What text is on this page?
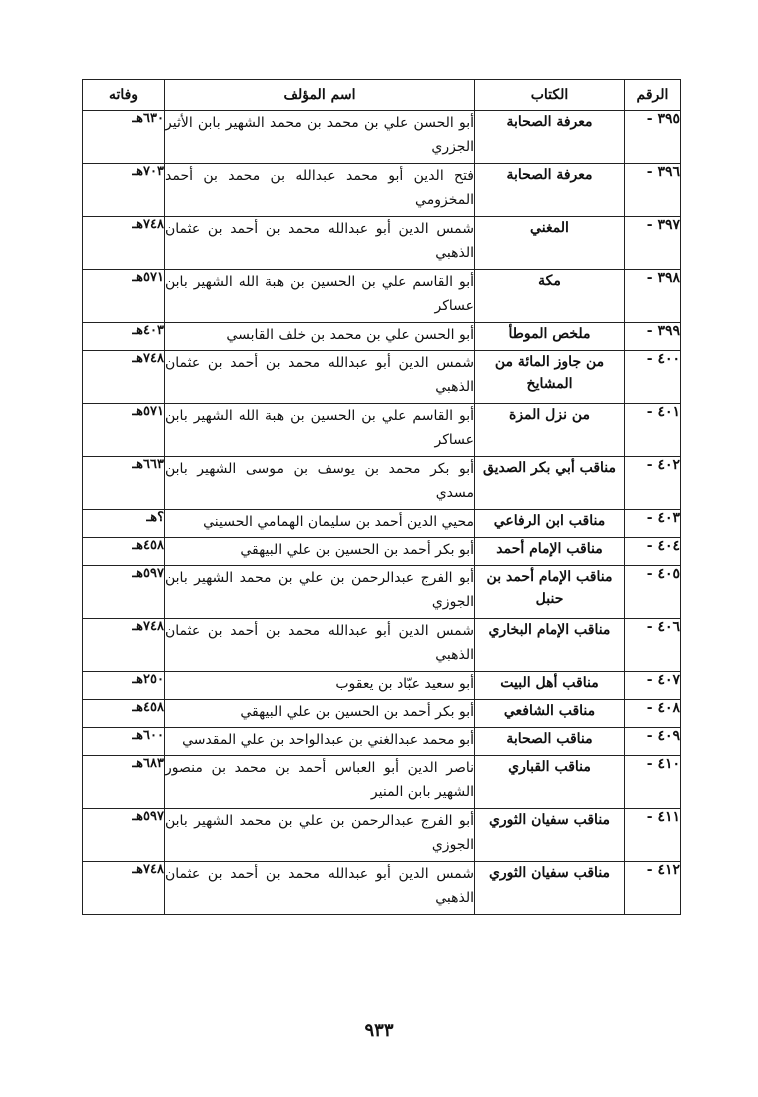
الرقم	الكتاب	اسم المؤلف	وفاته
٣٩٥ -	معرفة الصحابة	أبو الحسن علي بن محمد بن محمد الشهير بابن الأثير الجزري	٦٣٠هـ
٣٩٦ -	معرفة الصحابة	فتح الدين أبو محمد عبدالله بن محمد بن أحمد المخزومي	٧٠٣هـ
٣٩٧ -	المغني	شمس الدين أبو عبدالله محمد بن أحمد بن عثمان الذهبي	٧٤٨هـ
٣٩٨ -	مكة	أبو القاسم علي بن الحسين بن هبة الله الشهير بابن عساكر	٥٧١هـ
٣٩٩ -	ملخص الموطأ	أبو الحسن علي بن محمد بن خلف القابسي	٤٠٣هـ
٤٠٠ -	من جاوز المائة من المشايخ	شمس الدين أبو عبدالله محمد بن أحمد بن عثمان الذهبي	٧٤٨هـ
٤٠١ -	من نزل المزة	أبو القاسم علي بن الحسين بن هبة الله الشهير بابن عساكر	٥٧١هـ
٤٠٢ -	مناقب أبي بكر الصديق	أبو بكر محمد بن يوسف بن موسى الشهير بابن مسدي	٦٦٣هـ
٤٠٣ -	مناقب ابن الرفاعي	محيي الدين أحمد بن سليمان الهمامي الحسيني	؟هـ
٤٠٤ -	مناقب الإمام أحمد	أبو بكر أحمد بن الحسين بن علي البيهقي	٤٥٨هـ
٤٠٥ -	مناقب الإمام أحمد بن حنبل	أبو الفرج عبدالرحمن بن علي بن محمد الشهير بابن الجوزي	٥٩٧هـ
٤٠٦ -	مناقب الإمام البخاري	شمس الدين أبو عبدالله محمد بن أحمد بن عثمان الذهبي	٧٤٨هـ
٤٠٧ -	مناقب أهل البيت	أبو سعيد عبّاد بن يعقوب	٢٥٠هـ
٤٠٨ -	مناقب الشافعي	أبو بكر أحمد بن الحسين بن علي البيهقي	٤٥٨هـ
٤٠٩ -	مناقب الصحابة	أبو محمد عبدالغني بن عبدالواحد بن علي المقدسي	٦٠٠هـ
٤١٠ -	مناقب القباري	ناصر الدين أبو العباس أحمد بن محمد بن منصور الشهير بابن المنير	٦٨٣هـ
٤١١ -	مناقب سفيان الثوري	أبو الفرج عبدالرحمن بن علي بن محمد الشهير بابن الجوزي	٥٩٧هـ
٤١٢ -	مناقب سفيان الثوري	شمس الدين أبو عبدالله محمد بن أحمد بن عثمان الذهبي	٧٤٨هـ
٩٣٣
